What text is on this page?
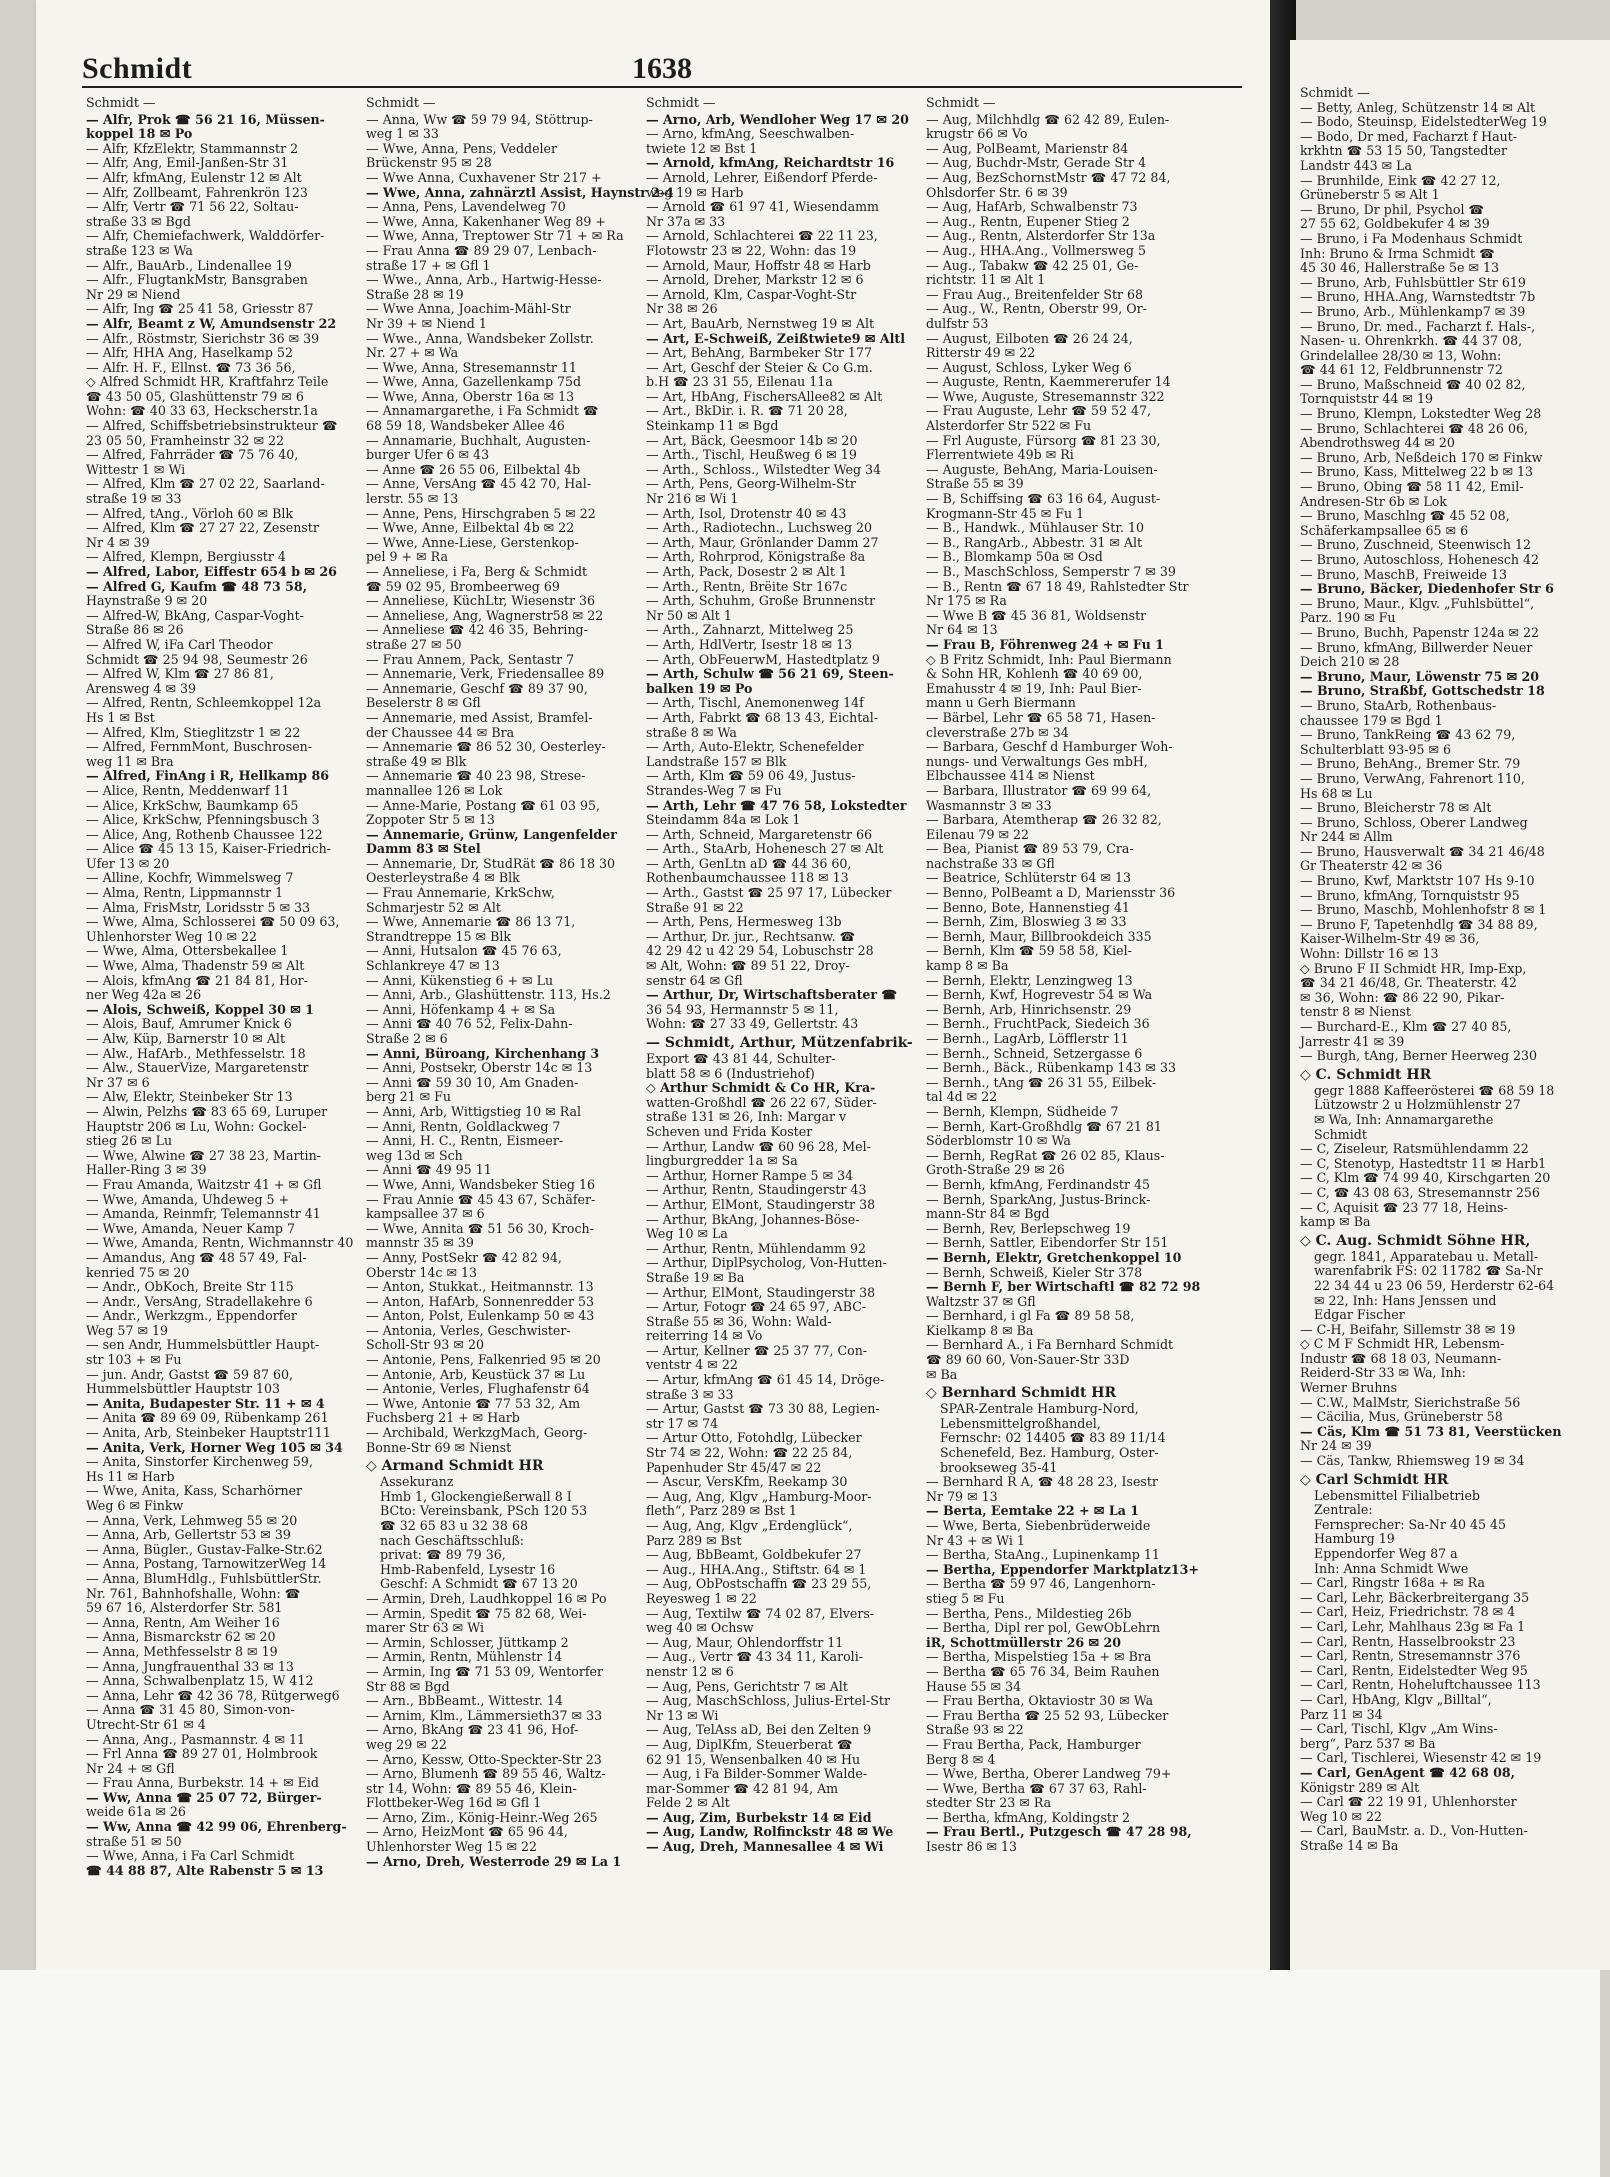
Schmidt	1638
Schmidt —
— Alfr, Prok ☎ 56 21 16, Müssen-
koppel 18 ✉ Po
— Alfr, KfzElektr, Stammannstr 2
— Alfr, Ang, Emil-Janßen-Str 31
— Alfr, kfmAng, Eulenstr 12 ✉ Alt
— Alfr, Zollbeamt, Fahrenkrön 123
— Alfr, Vertr ☎ 71 56 22, Soltau-
straße 33 ✉ Bgd
— Alfr, Chemiefachwerk, Walddörfer-
straße 123 ✉ Wa
— Alfr., BauArb., Lindenallee 19
— Alfr., FlugtankMstr, Bansgraben
Nr 29 ✉ Niend
— Alfr, Ing ☎ 25 41 58, Griesstr 87
— Alfr, Beamt z W, Amundsenstr 22
— Alfr., Röstmstr, Sierichstr 36 ✉ 39
— Alfr, HHA Ang, Haselkamp 52
— Alfr. H. F., Ellnst. ☎ 73 36 56,
◇ Alfred Schmidt HR, Kraftfahrz Teile
☎ 43 50 05, Glashüttenstr 79 ✉ 6
Wohn: ☎ 40 33 63, Heckscherstr.1a
— Alfred, Schiffsbetriebsinstrukteur ☎
23 05 50, Framheinstr 32 ✉ 22
— Alfred, Fahrräder ☎ 75 76 40,
Wittestr 1 ✉ Wi
— Alfred, Klm ☎ 27 02 22, Saarland-
straße 19 ✉ 33
— Alfred, tAng., Vörloh 60 ✉ Blk
— Alfred, Klm ☎ 27 27 22, Zesenstr
Nr 4 ✉ 39
— Alfred, Klempn, Bergiusstr 4
— Alfred, Labor, Eiffestr 654 b ✉ 26
— Alfred G, Kaufm ☎ 48 73 58,
Haynstraße 9 ✉ 20
— Alfred-W, BkAng, Caspar-Voght-
Straße 86 ✉ 26
— Alfred W, iFa Carl Theodor
Schmidt ☎ 25 94 98, Seumestr 26
— Alfred W, Klm ☎ 27 86 81,
Arensweg 4 ✉ 39
— Alfred, Rentn, Schleemkoppel 12a
Hs 1 ✉ Bst
— Alfred, Klm, Stieglitzstr 1 ✉ 22
— Alfred, FernmMont, Buschrosen-
weg 11 ✉ Bra
— Alfred, FinAng i R, Hellkamp 86
— Alice, Rentn, Meddenwarf 11
— Alice, KrkSchw, Baumkamp 65
— Alice, KrkSchw, Pfenningsbusch 3
— Alice, Ang, Rothenb Chaussee 122
— Alice ☎ 45 13 15, Kaiser-Friedrich-
Ufer 13 ✉ 20
— Alline, Kochfr, Wimmelsweg 7
— Alma, Rentn, Lippmannstr 1
— Alma, FrisMstr, Loridsstr 5 ✉ 33
— Wwe, Alma, Schlosserei ☎ 50 09 63,
Uhlenhorster Weg 10 ✉ 22
— Wwe, Alma, Ottersbekallee 1
— Wwe, Alma, Thadenstr 59 ✉ Alt
— Alois, kfmAng ☎ 21 84 81, Hor-
ner Weg 42a ✉ 26
— Alois, Schweiß, Koppel 30 ✉ 1
— Alois, Bauf, Amrumer Knick 6
— Alw, Küp, Barnerstr 10 ✉ Alt
— Alw., HafArb., Methfesselstr. 18
— Alw., StauerVize, Margaretenstr
Nr 37 ✉ 6
— Alw, Elektr, Steinbeker Str 13
— Alwin, Pelzhs ☎ 83 65 69, Luruper
Hauptstr 206 ✉ Lu, Wohn: Gockel-
stieg 26 ✉ Lu
— Wwe, Alwine ☎ 27 38 23, Martin-
Haller-Ring 3 ✉ 39
— Frau Amanda, Waitzstr 41 + ✉ Gfl
— Wwe, Amanda, Uhdeweg 5 +
— Amanda, Reinmfr, Telemannstr 41
— Wwe, Amanda, Neuer Kamp 7
— Wwe, Amanda, Rentn, Wichmannstr 40
— Amandus, Ang ☎ 48 57 49, Fal-
kenried 75 ✉ 20
— Andr., ObKoch, Breite Str 115
— Andr., VersAng, Stradellakehre 6
— Andr., Werkzgm., Eppendorfer
Weg 57 ✉ 19
— sen Andr, Hummelsbüttler Haupt-
str 103 + ✉ Fu
— jun. Andr, Gastst ☎ 59 87 60,
Hummelsbüttler Hauptstr 103
— Anita, Budapester Str. 11 + ✉ 4
— Anita ☎ 89 69 09, Rübenkamp 261
— Anita, Arb, Steinbeker Hauptstr111
— Anita, Verk, Horner Weg 105 ✉ 34
— Anita, Sinstorfer Kirchenweg 59,
Hs 11 ✉ Harb
— Wwe, Anita, Kass, Scharhörner
Weg 6 ✉ Finkw
— Anna, Verk, Lehmweg 55 ✉ 20
— Anna, Arb, Gellertstr 53 ✉ 39
— Anna, Bügler., Gustav-Falke-Str.62
— Anna, Postang, TarnowitzerWeg 14
— Anna, BlumHdlg., FuhlsbüttlerStr.
Nr. 761, Bahnhofshalle, Wohn: ☎
59 67 16, Alsterdorfer Str. 581
— Anna, Rentn, Am Weiher 16
— Anna, Bismarckstr 62 ✉ 20
— Anna, Methfesselstr 8 ✉ 19
— Anna, Jungfrauenthal 33 ✉ 13
— Anna, Schwalbenplatz 15, W 412
— Anna, Lehr ☎ 42 36 78, Rütgerweg6
— Anna ☎ 31 45 80, Simon-von-
Utrecht-Str 61 ✉ 4
— Anna, Ang., Pasmannstr. 4 ✉ 11
— Frl Anna ☎ 89 27 01, Holmbrook
Nr 24 + ✉ Gfl
— Frau Anna, Burbekstr. 14 + ✉ Eid
— Ww, Anna ☎ 25 07 72, Bürger-
weide 61a ✉ 26
— Ww, Anna ☎ 42 99 06, Ehrenberg-
straße 51 ✉ 50
— Wwe, Anna, i Fa Carl Schmidt
☎ 44 88 87, Alte Rabenstr 5 ✉ 13
Schmidt —
— Anna, Ww ☎ 59 79 94, Stöttrup-
weg 1 ✉ 33
— Wwe, Anna, Pens, Veddeler
Brückenstr 95 ✉ 28
— Wwe Anna, Cuxhavener Str 217 +
— Wwe, Anna, zahnärztl Assist, Haynstr 2-4
— Anna, Pens, Lavendelweg 70
— Wwe, Anna, Kakenhaner Weg 89 +
— Wwe, Anna, Treptower Str 71 + ✉ Ra
— Frau Anna ☎ 89 29 07, Lenbach-
straße 17 + ✉ Gfl 1
— Wwe., Anna, Arb., Hartwig-Hesse-
Straße 28 ✉ 19
— Wwe Anna, Joachim-Mähl-Str
Nr 39 + ✉ Niend 1
— Wwe., Anna, Wandsbeker Zollstr.
Nr. 27 + ✉ Wa
— Wwe, Anna, Stresemannstr 11
— Wwe, Anna, Gazellenkamp 75d
— Wwe, Anna, Oberstr 16a ✉ 13
— Annamargarethe, i Fa Schmidt ☎
68 59 18, Wandsbeker Allee 46
— Annamarie, Buchhalt, Augusten-
burger Ufer 6 ✉ 43
— Anne ☎ 26 55 06, Eilbektal 4b
— Anne, VersAng ☎ 45 42 70, Hal-
lerstr. 55 ✉ 13
— Anne, Pens, Hirschgraben 5 ✉ 22
— Wwe, Anne, Eilbektal 4b ✉ 22
— Wwe, Anne-Liese, Gerstenkop-
pel 9 + ✉ Ra
— Anneliese, i Fa, Berg & Schmidt
☎ 59 02 95, Brombeerweg 69
— Anneliese, KüchLtr, Wiesenstr 36
— Anneliese, Ang, Wagnerstr58 ✉ 22
— Anneliese ☎ 42 46 35, Behring-
straße 27 ✉ 50
— Frau Annem, Pack, Sentastr 7
— Annemarie, Verk, Friedensallee 89
— Annemarie, Geschf ☎ 89 37 90,
Beselerstr 8 ✉ Gfl
— Annemarie, med Assist, Bramfel-
der Chaussee 44 ✉ Bra
— Annemarie ☎ 86 52 30, Oesterley-
straße 49 ✉ Blk
— Annemarie ☎ 40 23 98, Strese-
mannallee 126 ✉ Lok
— Anne-Marie, Postang ☎ 61 03 95,
Zoppoter Str 5 ✉ 13
— Annemarie, Grünw, Langenfelder
Damm 83 ✉ Stel
— Annemarie, Dr, StudRät ☎ 86 18 30
Oesterleystraße 4 ✉ Blk
— Frau Annemarie, KrkSchw,
Schmarjestr 52 ✉ Alt
— Wwe, Annemarie ☎ 86 13 71,
Strandtreppe 15 ✉ Blk
— Anni, Hutsalon ☎ 45 76 63,
Schlankreye 47 ✉ 13
— Anni, Kükenstieg 6 + ✉ Lu
— Anni, Arb., Glashüttenstr. 113, Hs.2
— Anni, Höfenkamp 4 + ✉ Sa
— Anni ☎ 40 76 52, Felix-Dahn-
Straße 2 ✉ 6
— Anni, Büroang, Kirchenhang 3
— Anni, Postsekr, Oberstr 14c ✉ 13
— Anni ☎ 59 30 10, Am Gnaden-
berg 21 ✉ Fu
— Anni, Arb, Wittigstieg 10 ✉ Ral
— Anni, Rentn, Goldlackweg 7
— Anni, H. C., Rentn, Eismeer-
weg 13d ✉ Sch
— Anni ☎ 49 95 11
— Wwe, Anni, Wandsbeker Stieg 16
— Frau Annie ☎ 45 43 67, Schäfer-
kampsallee 37 ✉ 6
— Wwe, Annita ☎ 51 56 30, Kroch-
mannstr 35 ✉ 39
— Anny, PostSekr ☎ 42 82 94,
Oberstr 14c ✉ 13
— Anton, Stukkat., Heitmannstr. 13
— Anton, HafArb, Sonnenredder 53
— Anton, Polst, Eulenkamp 50 ✉ 43
— Antonia, Verles, Geschwister-
Scholl-Str 93 ✉ 20
— Antonie, Pens, Falkenried 95 ✉ 20
— Antonie, Arb, Keustück 37 ✉ Lu
— Antonie, Verles, Flughafenstr 64
— Wwe, Antonie ☎ 77 53 32, Am
Fuchsberg 21 + ✉ Harb
— Archibald, WerkzgMach, Georg-
Bonne-Str 69 ✉ Nienst
◇ Armand Schmidt HR
Assekuranz
Hmb 1, Glockengießerwall 8 I
BCto: Vereinsbank, PSch 120 53
☎ 32 65 83 u 32 38 68
nach Geschäftsschluß:
privat: ☎ 89 79 36,
Hmb-Rabenfeld, Lysestr 16
Geschf: A Schmidt ☎ 67 13 20
— Armin, Dreh, Laudhkoppel 16 ✉ Po
— Armin, Spedit ☎ 75 82 68, Wei-
marer Str 63 ✉ Wi
— Armin, Schlosser, Jüttkamp 2
— Armin, Rentn, Mühlenstr 14
— Armin, Ing ☎ 71 53 09, Wentorfer
Str 88 ✉ Bgd
— Arn., BbBeamt., Wittestr. 14
— Arnim, Klm., Lämmersieth37 ✉ 33
— Arno, BkAng ☎ 23 41 96, Hof-
weg 29 ✉ 22
— Arno, Kessw, Otto-Speckter-Str 23
— Arno, Blumenh ☎ 89 55 46, Waltz-
str 14, Wohn: ☎ 89 55 46, Klein-
Flottbeker-Weg 16d ✉ Gfl 1
— Arno, Zim., König-Heinr.-Weg 265
— Arno, HeizMont ☎ 65 96 44,
Uhlenhorster Weg 15 ✉ 22
— Arno, Dreh, Westerrode 29 ✉ La 1
Schmidt —
— Arno, Arb, Wendloher Weg 17 ✉ 20
— Arno, kfmAng, Seeschwalben-
twiete 12 ✉ Bst 1
— Arnold, kfmAng, Reichardtstr 16
— Arnold, Lehrer, Eißendorf Pferde-
weg 19 ✉ Harb
— Arnold ☎ 61 97 41, Wiesendamm
Nr 37a ✉ 33
— Arnold, Schlachterei ☎ 22 11 23,
Flotowstr 23 ✉ 22, Wohn: das 19
— Arnold, Maur, Hoffstr 48 ✉ Harb
— Arnold, Dreher, Markstr 12 ✉ 6
— Arnold, Klm, Caspar-Voght-Str
Nr 38 ✉ 26
— Art, BauArb, Nernstweg 19 ✉ Alt
— Art, E-Schweiß, Zeißtwiete9 ✉ Altl
— Art, BehAng, Barmbeker Str 177
— Art, Geschf der Steier & Co G.m.
b.H ☎ 23 31 55, Eilenau 11a
— Art, HbAng, FischersAllee82 ✉ Alt
— Art., BkDir. i. R. ☎ 71 20 28,
Steinkamp 11 ✉ Bgd
— Art, Bäck, Geesmoor 14b ✉ 20
— Arth., Tischl, Heußweg 6 ✉ 19
— Arth., Schloss., Wilstedter Weg 34
— Arth, Pens, Georg-Wilhelm-Str
Nr 216 ✉ Wi 1
— Arth, Isol, Drotenstr 40 ✉ 43
— Arth., Radiotechn., Luchsweg 20
— Arth, Maur, Grönlander Damm 27
— Arth, Rohrprod, Königstraße 8a
— Arth, Pack, Dosestr 2 ✉ Alt 1
— Arth., Rentn, Brëite Str 167c
— Arth, Schuhm, Große Brunnenstr
Nr 50 ✉ Alt 1
— Arth., Zahnarzt, Mittelweg 25
— Arth, HdlVertr, Isestr 18 ✉ 13
— Arth, ObFeuerwM, Hastedtplatz 9
— Arth, Schulw ☎ 56 21 69, Steen-
balken 19 ✉ Po
— Arth, Tischl, Anemonenweg 14f
— Arth, Fabrkt ☎ 68 13 43, Eichtal-
straße 8 ✉ Wa
— Arth, Auto-Elektr, Schenefelder
Landstraße 157 ✉ Blk
— Arth, Klm ☎ 59 06 49, Justus-
Strandes-Weg 7 ✉ Fu
— Arth, Lehr ☎ 47 76 58, Lokstedter
Steindamm 84a ✉ Lok 1
— Arth, Schneid, Margaretenstr 66
— Arth., StaArb, Hohenesch 27 ✉ Alt
— Arth, GenLtn aD ☎ 44 36 60,
Rothenbaumchaussee 118 ✉ 13
— Arth., Gastst ☎ 25 97 17, Lübecker
Straße 91 ✉ 22
— Arth, Pens, Hermesweg 13b
— Arthur, Dr. jur., Rechtsanw. ☎
42 29 42 u 42 29 54, Lobuschstr 28
✉ Alt, Wohn: ☎ 89 51 22, Droy-
senstr 64 ✉ Gfl
— Arthur, Dr, Wirtschaftsberater ☎
36 54 93, Hermannstr 5 ✉ 11,
Wohn: ☎ 27 33 49, Gellertstr. 43
— Schmidt, Arthur, Mützenfabrik-
Export ☎ 43 81 44, Schulter-
blatt 58 ✉ 6 (Industriehof)
◇ Arthur Schmidt & Co HR, Kra-
watten-Großhdl ☎ 26 22 67, Süder-
straße 131 ✉ 26, Inh: Margar v
Scheven und Frida Koster
— Arthur, Landw ☎ 60 96 28, Mel-
lingburgredder 1a ✉ Sa
— Arthur, Horner Rampe 5 ✉ 34
— Arthur, Rentn, Staudingerstr 43
— Arthur, ElMont, Staudingerstr 38
— Arthur, BkAng, Johannes-Böse-
Weg 10 ✉ La
— Arthur, Rentn, Mühlendamm 92
— Arthur, DiplPsycholog, Von-Hutten-
Straße 19 ✉ Ba
— Arthur, ElMont, Staudingerstr 38
— Artur, Fotogr ☎ 24 65 97, ABC-
Straße 55 ✉ 36, Wohn: Wald-
reiterring 14 ✉ Vo
— Artur, Kellner ☎ 25 37 77, Con-
ventstr 4 ✉ 22
— Artur, kfmAng ☎ 61 45 14, Dröge-
straße 3 ✉ 33
— Artur, Gastst ☎ 73 30 88, Legien-
str 17 ✉ 74
— Artur Otto, Fotohdlg, Lübecker
Str 74 ✉ 22, Wohn: ☎ 22 25 84,
Papenhuder Str 45/47 ✉ 22
— Ascur, VersKfm, Reekamp 30
— Aug, Ang, Klgv „Hamburg-Moor-
fleth“, Parz 289 ✉ Bst 1
— Aug, Ang, Klgv „Erdenglück“,
Parz 289 ✉ Bst
— Aug, BbBeamt, Goldbekufer 27
— Aug., HHA.Ang., Stiftstr. 64 ✉ 1
— Aug, ObPostschaffn ☎ 23 29 55,
Reyesweg 1 ✉ 22
— Aug, Textilw ☎ 74 02 87, Elvers-
weg 40 ✉ Ochsw
— Aug, Maur, Ohlendorffstr 11
— Aug., Vertr ☎ 43 34 11, Karoli-
nenstr 12 ✉ 6
— Aug, Pens, Gerichtstr 7 ✉ Alt
— Aug, MaschSchloss, Julius-Ertel-Str
Nr 13 ✉ Wi
— Aug, TelAss aD, Bei den Zelten 9
— Aug, DiplKfm, Steuerberat ☎
62 91 15, Wensenbalken 40 ✉ Hu
— Aug, i Fa Bilder-Sommer Walde-
mar-Sommer ☎ 42 81 94, Am
Felde 2 ✉ Alt
— Aug, Zim, Burbekstr 14 ✉ Eid
— Aug, Landw, Rolfinckstr 48 ✉ We
— Aug, Dreh, Mannesallee 4 ✉ Wi
Schmidt —
— Aug, Milchhdlg ☎ 62 42 89, Eulen-
krugstr 66 ✉ Vo
— Aug, PolBeamt, Marienstr 84
— Aug, Buchdr-Mstr, Gerade Str 4
— Aug, BezSchornstMstr ☎ 47 72 84,
Ohlsdorfer Str. 6 ✉ 39
— Aug, HafArb, Schwalbenstr 73
— Aug., Rentn, Eupener Stieg 2
— Aug., Rentn, Alsterdorfer Str 13a
— Aug., HHA.Ang., Vollmersweg 5
— Aug., Tabakw ☎ 42 25 01, Ge-
richtstr. 11 ✉ Alt 1
— Frau Aug., Breitenfelder Str 68
— Aug., W., Rentn, Oberstr 99, Or-
dulfstr 53
— August, Eilboten ☎ 26 24 24,
Ritterstr 49 ✉ 22
— August, Schloss, Lyker Weg 6
— Auguste, Rentn, Kaemmererufer 14
— Wwe, Auguste, Stresemannstr 322
— Frau Auguste, Lehr ☎ 59 52 47,
Alsterdorfer Str 522 ✉ Fu
— Frl Auguste, Fürsorg ☎ 81 23 30,
Flerrentwiete 49b ✉ Ri
— Auguste, BehAng, Maria-Louisen-
Straße 55 ✉ 39
— B, Schiffsing ☎ 63 16 64, August-
Krogmann-Str 45 ✉ Fu 1
— B., Handwk., Mühlauser Str. 10
— B., RangArb., Abbestr. 31 ✉ Alt
— B., Blomkamp 50a ✉ Osd
— B., MaschSchloss, Semperstr 7 ✉ 39
— B., Rentn ☎ 67 18 49, Rahlstedter Str
Nr 175 ✉ Ra
— Wwe B ☎ 45 36 81, Woldsenstr
Nr 64 ✉ 13
— Frau B, Föhrenweg 24 + ✉ Fu 1
◇ B Fritz Schmidt, Inh: Paul Biermann
& Sohn HR, Kohlenh ☎ 40 69 00,
Emahusstr 4 ✉ 19, Inh: Paul Bier-
mann u Gerh Biermann
— Bärbel, Lehr ☎ 65 58 71, Hasen-
cleverstraße 27b ✉ 34
— Barbara, Geschf d Hamburger Woh-
nungs- und Verwaltungs Ges mbH,
Elbchaussee 414 ✉ Nienst
— Barbara, Illustrator ☎ 69 99 64,
Wasmannstr 3 ✉ 33
— Barbara, Atemtherap ☎ 26 32 82,
Eilenau 79 ✉ 22
— Bea, Pianist ☎ 89 53 79, Cra-
nachstraße 33 ✉ Gfl
— Beatrice, Schlüterstr 64 ✉ 13
— Benno, PolBeamt a D, Mariensstr 36
— Benno, Bote, Hannenstieg 41
— Bernh, Zim, Bloswieg 3 ✉ 33
— Bernh, Maur, Billbrookdeich 335
— Bernh, Klm ☎ 59 58 58, Kiel-
kamp 8 ✉ Ba
— Bernh, Elektr, Lenzingweg 13
— Bernh, Kwf, Hogrevestr 54 ✉ Wa
— Bernh, Arb, Hinrichsenstr. 29
— Bernh., FruchtPack, Siedeich 36
— Bernh., LagArb, Löfflerstr 11
— Bernh., Schneid, Setzergasse 6
— Bernh., Bäck., Rübenkamp 143 ✉ 33
— Bernh., tAng ☎ 26 31 55, Eilbek-
tal 4d ✉ 22
— Bernh, Klempn, Südheide 7
— Bernh, Kart-Großhdlg ☎ 67 21 81
Söderblomstr 10 ✉ Wa
— Bernh, RegRat ☎ 26 02 85, Klaus-
Groth-Straße 29 ✉ 26
— Bernh, kfmAng, Ferdinandstr 45
— Bernh, SparkAng, Justus-Brinck-
mann-Str 84 ✉ Bgd
— Bernh, Rev, Berlepschweg 19
— Bernh, Sattler, Eibendorfer Str 151
— Bernh, Elektr, Gretchenkoppel 10
— Bernh, Schweiß, Kieler Str 378
— Bernh F, ber Wirtschaftl ☎ 82 72 98
Waltzstr 37 ✉ Gfl
— Bernhard, i gl Fa ☎ 89 58 58,
Kielkamp 8 ✉ Ba
— Bernhard A., i Fa Bernhard Schmidt
☎ 89 60 60, Von-Sauer-Str 33D
✉ Ba
◇ Bernhard Schmidt HR
SPAR-Zentrale Hamburg-Nord,
Lebensmittelgroßhandel,
Fernschr: 02 14405 ☎ 83 89 11/14
Schenefeld, Bez. Hamburg, Oster-
brookseweg 35-41
— Bernhard R A, ☎ 48 28 23, Isestr
Nr 79 ✉ 13
— Berta, Eemtake 22 + ✉ La 1
— Wwe, Berta, Siebenbrüderweide
Nr 43 + ✉ Wi 1
— Bertha, StaAng., Lupinenkamp 11
— Bertha, Eppendorfer Marktplatz13+
— Bertha ☎ 59 97 46, Langenhorn-
stieg 5 ✉ Fu
— Bertha, Pens., Mildestieg 26b
— Bertha, Dipl rer pol, GewObLehrn
iR, Schottmüllerstr 26 ✉ 20
— Bertha, Mispelstieg 15a + ✉ Bra
— Bertha ☎ 65 76 34, Beim Rauhen
Hause 55 ✉ 34
— Frau Bertha, Oktaviostr 30 ✉ Wa
— Frau Bertha ☎ 25 52 93, Lübecker
Straße 93 ✉ 22
— Frau Bertha, Pack, Hamburger
Berg 8 ✉ 4
— Wwe, Bertha, Oberer Landweg 79+
— Wwe, Bertha ☎ 67 37 63, Rahl-
stedter Str 23 ✉ Ra
— Bertha, kfmAng, Koldingstr 2
— Frau Bertl., Putzgesch ☎ 47 28 98,
Isestr 86 ✉ 13
Schmidt —
— Betty, Anleg, Schützenstr 14 ✉ Alt
— Bodo, Steuinsp, EidelstedterWeg 19
— Bodo, Dr med, Facharzt f Haut-
krkhtn ☎ 53 15 50, Tangstedter
Landstr 443 ✉ La
— Brunhilde, Eink ☎ 42 27 12,
Grüneberstr 5 ✉ Alt 1
— Bruno, Dr phil, Psychol ☎
27 55 62, Goldbekufer 4 ✉ 39
— Bruno, i Fa Modenhaus Schmidt
Inh: Bruno & Irma Schmidt ☎
45 30 46, Hallerstraße 5e ✉ 13
— Bruno, Arb, Fuhlsbüttler Str 619
— Bruno, HHA.Ang, Warnstedtstr 7b
— Bruno, Arb., Mühlenkamp7 ✉ 39
— Bruno, Dr. med., Facharzt f. Hals-,
Nasen- u. Ohrenkrkh. ☎ 44 37 08,
Grindelallee 28/30 ✉ 13, Wohn:
☎ 44 61 12, Feldbrunnenstr 72
— Bruno, Maßschneid ☎ 40 02 82,
Tornquiststr 44 ✉ 19
— Bruno, Klempn, Lokstedter Weg 28
— Bruno, Schlachterei ☎ 48 26 06,
Abendrothsweg 44 ✉ 20
— Bruno, Arb, Neßdeich 170 ✉ Finkw
— Bruno, Kass, Mittelweg 22 b ✉ 13
— Bruno, Obing ☎ 58 11 42, Emil-
Andresen-Str 6b ✉ Lok
— Bruno, Maschlng ☎ 45 52 08,
Schäferkampsallee 65 ✉ 6
— Bruno, Zuschneid, Steenwisch 12
— Bruno, Autoschloss, Hohenesch 42
— Bruno, MaschB, Freiweide 13
— Bruno, Bäcker, Diedenhofer Str 6
— Bruno, Maur., Klgv. „Fuhlsbüttel“,
Parz. 190 ✉ Fu
— Bruno, Buchh, Papenstr 124a ✉ 22
— Bruno, kfmAng, Billwerder Neuer
Deich 210 ✉ 28
— Bruno, Maur, Löwenstr 75 ✉ 20
— Bruno, Straßbf, Gottschedstr 18
— Bruno, StaArb, Rothenbaus-
chaussee 179 ✉ Bgd 1
— Bruno, TankReing ☎ 43 62 79,
Schulterblatt 93-95 ✉ 6
— Bruno, BehAng., Bremer Str. 79
— Bruno, VerwAng, Fahrenort 110,
Hs 68 ✉ Lu
— Bruno, Bleicherstr 78 ✉ Alt
— Bruno, Schloss, Oberer Landweg
Nr 244 ✉ Allm
— Bruno, Hausverwalt ☎ 34 21 46/48
Gr Theaterstr 42 ✉ 36
— Bruno, Kwf, Marktstr 107 Hs 9-10
— Bruno, kfmAng, Tornquiststr 95
— Bruno, Maschb, Mohlenhofstr 8 ✉ 1
— Bruno F, Tapetenhdlg ☎ 34 88 89,
Kaiser-Wilhelm-Str 49 ✉ 36,
Wohn: Dillstr 16 ✉ 13
◇ Bruno F II Schmidt HR, Imp-Exp,
☎ 34 21 46/48, Gr. Theaterstr. 42
✉ 36, Wohn: ☎ 86 22 90, Pikar-
tenstr 8 ✉ Nienst
— Burchard-E., Klm ☎ 27 40 85,
Jarrestr 41 ✉ 39
— Burgh, tAng, Berner Heerweg 230
◇ C. Schmidt HR
gegr 1888 Kaffeerösterei ☎ 68 59 18
Lützowstr 2 u Holzmühlenstr 27
✉ Wa, Inh: Annamargarethe
Schmidt
— C, Ziseleur, Ratsmühlendamm 22
— C, Stenotyp, Hastedtstr 11 ✉ Harb1
— C, Klm ☎ 74 99 40, Kirschgarten 20
— C, ☎ 43 08 63, Stresemannstr 256
— C, Aquisit ☎ 23 77 18, Heins-
kamp ✉ Ba
◇ C. Aug. Schmidt Söhne HR,
gegr. 1841, Apparatebau u. Metall-
warenfabrik FS: 02 11782 ☎ Sa-Nr
22 34 44 u 23 06 59, Herderstr 62-64
✉ 22, Inh: Hans Jenssen und
Edgar Fischer
— C-H, Beifahr, Sillemstr 38 ✉ 19
◇ C M F Schmidt HR, Lebensm-
Industr ☎ 68 18 03, Neumann-
Reiderd-Str 33 ✉ Wa, Inh:
Werner Bruhns
— C.W., MalMstr, Sierichstraße 56
— Cäcilia, Mus, Grüneberstr 58
— Cäs, Klm ☎ 51 73 81, Veerstücken
Nr 24 ✉ 39
— Cäs, Tankw, Rhiemsweg 19 ✉ 34
◇ Carl Schmidt HR
Lebensmittel Filialbetrieb
Zentrale:
Fernsprecher: Sa-Nr 40 45 45
Hamburg 19
Eppendorfer Weg 87 a
Inh: Anna Schmidt Wwe
— Carl, Ringstr 168a + ✉ Ra
— Carl, Lehr, Bäckerbreitergang 35
— Carl, Heiz, Friedrichstr. 78 ✉ 4
— Carl, Lehr, Mahlhaus 23g ✉ Fa 1
— Carl, Rentn, Hasselbrookstr 23
— Carl, Rentn, Stresemannstr 376
— Carl, Rentn, Eidelstedter Weg 95
— Carl, Rentn, Hoheluftchaussee 113
— Carl, HbAng, Klgv „Billtal“,
Parz 11 ✉ 34
— Carl, Tischl, Klgv „Am Wins-
berg“, Parz 537 ✉ Ba
— Carl, Tischlerei, Wiesenstr 42 ✉ 19
— Carl, GenAgent ☎ 42 68 08,
Königstr 289 ✉ Alt
— Carl ☎ 22 19 91, Uhlenhorster
Weg 10 ✉ 22
— Carl, BauMstr. a. D., Von-Hutten-
Straße 14 ✉ Ba
